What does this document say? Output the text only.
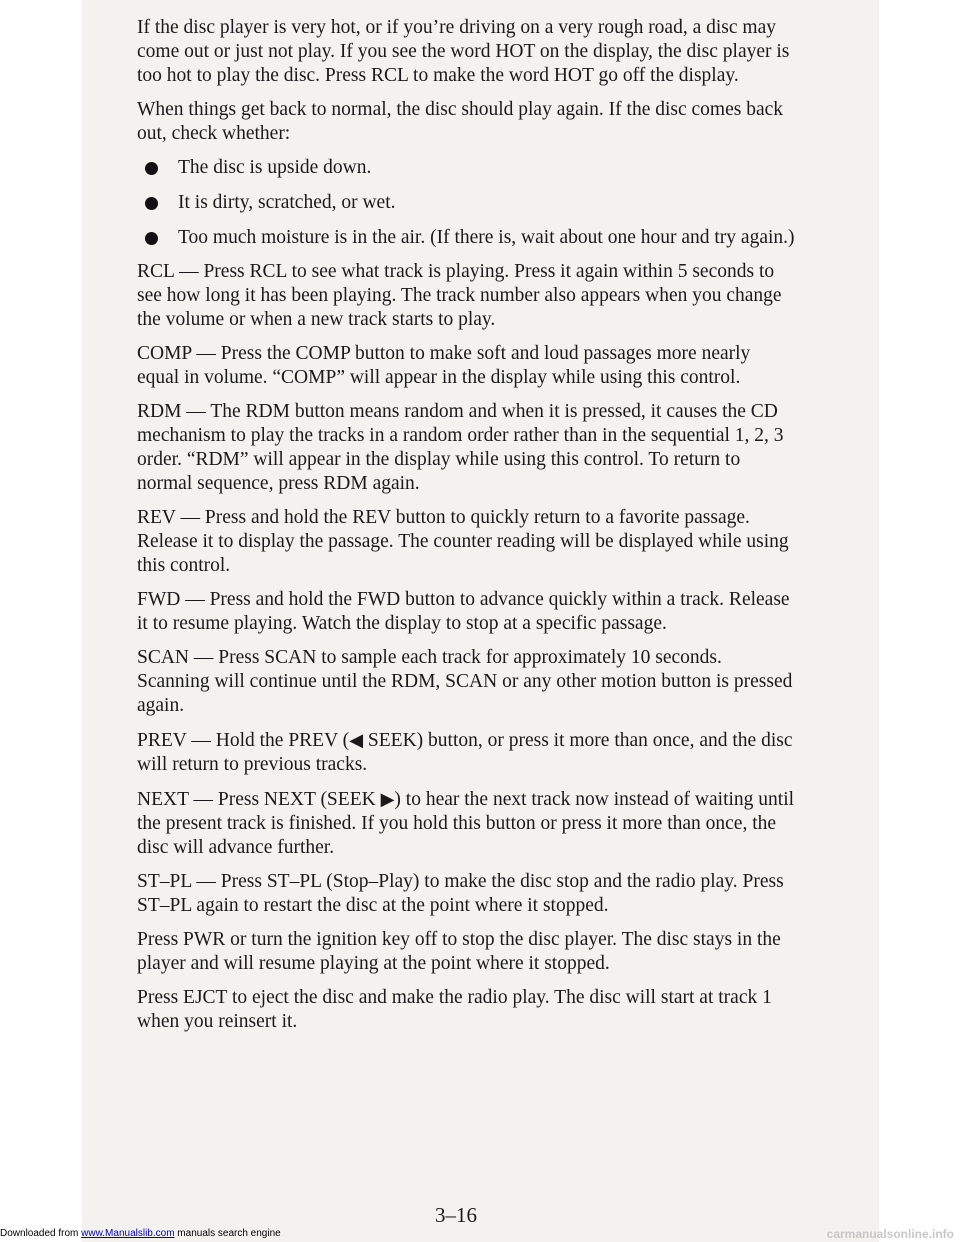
If the disc player is very hot, or if you’re driving on a very rough road, a disc may come out or just not play. If you see the word HOT on the display, the disc player is too hot to play the disc. Press RCL to make the word HOT go off the display.

When things get back to normal, the disc should play again. If the disc comes back out, check whether:

The disc is upside down.
It is dirty, scratched, or wet.
Too much moisture is in the air. (If there is, wait about one hour and try again.)

RCL — Press RCL to see what track is playing. Press it again within 5 seconds to see how long it has been playing. The track number also appears when you change the volume or when a new track starts to play.

COMP — Press the COMP button to make soft and loud passages more nearly equal in volume. “COMP” will appear in the display while using this control.

RDM — The RDM button means random and when it is pressed, it causes the CD mechanism to play the tracks in a random order rather than in the sequential 1, 2, 3 order. “RDM” will appear in the display while using this control. To return to normal sequence, press RDM again.

REV — Press and hold the REV button to quickly return to a favorite passage. Release it to display the passage. The counter reading will be displayed while using this control.

FWD — Press and hold the FWD button to advance quickly within a track. Release it to resume playing. Watch the display to stop at a specific passage.

SCAN — Press SCAN to sample each track for approximately 10 seconds. Scanning will continue until the RDM, SCAN or any other motion button is pressed again.

PREV — Hold the PREV (◀ SEEK) button, or press it more than once, and the disc will return to previous tracks.

NEXT — Press NEXT (SEEK ▶) to hear the next track now instead of waiting until the present track is finished. If you hold this button or press it more than once, the disc will advance further.

ST–PL — Press ST–PL (Stop–Play) to make the disc stop and the radio play. Press ST–PL again to restart the disc at the point where it stopped.

Press PWR or turn the ignition key off to stop the disc player. The disc stays in the player and will resume playing at the point where it stopped.

Press EJCT to eject the disc and make the radio play. The disc will start at track 1 when you reinsert it.

3–16
Downloaded from www.Manualslib.com manuals search engine	carmanualsonline.info
